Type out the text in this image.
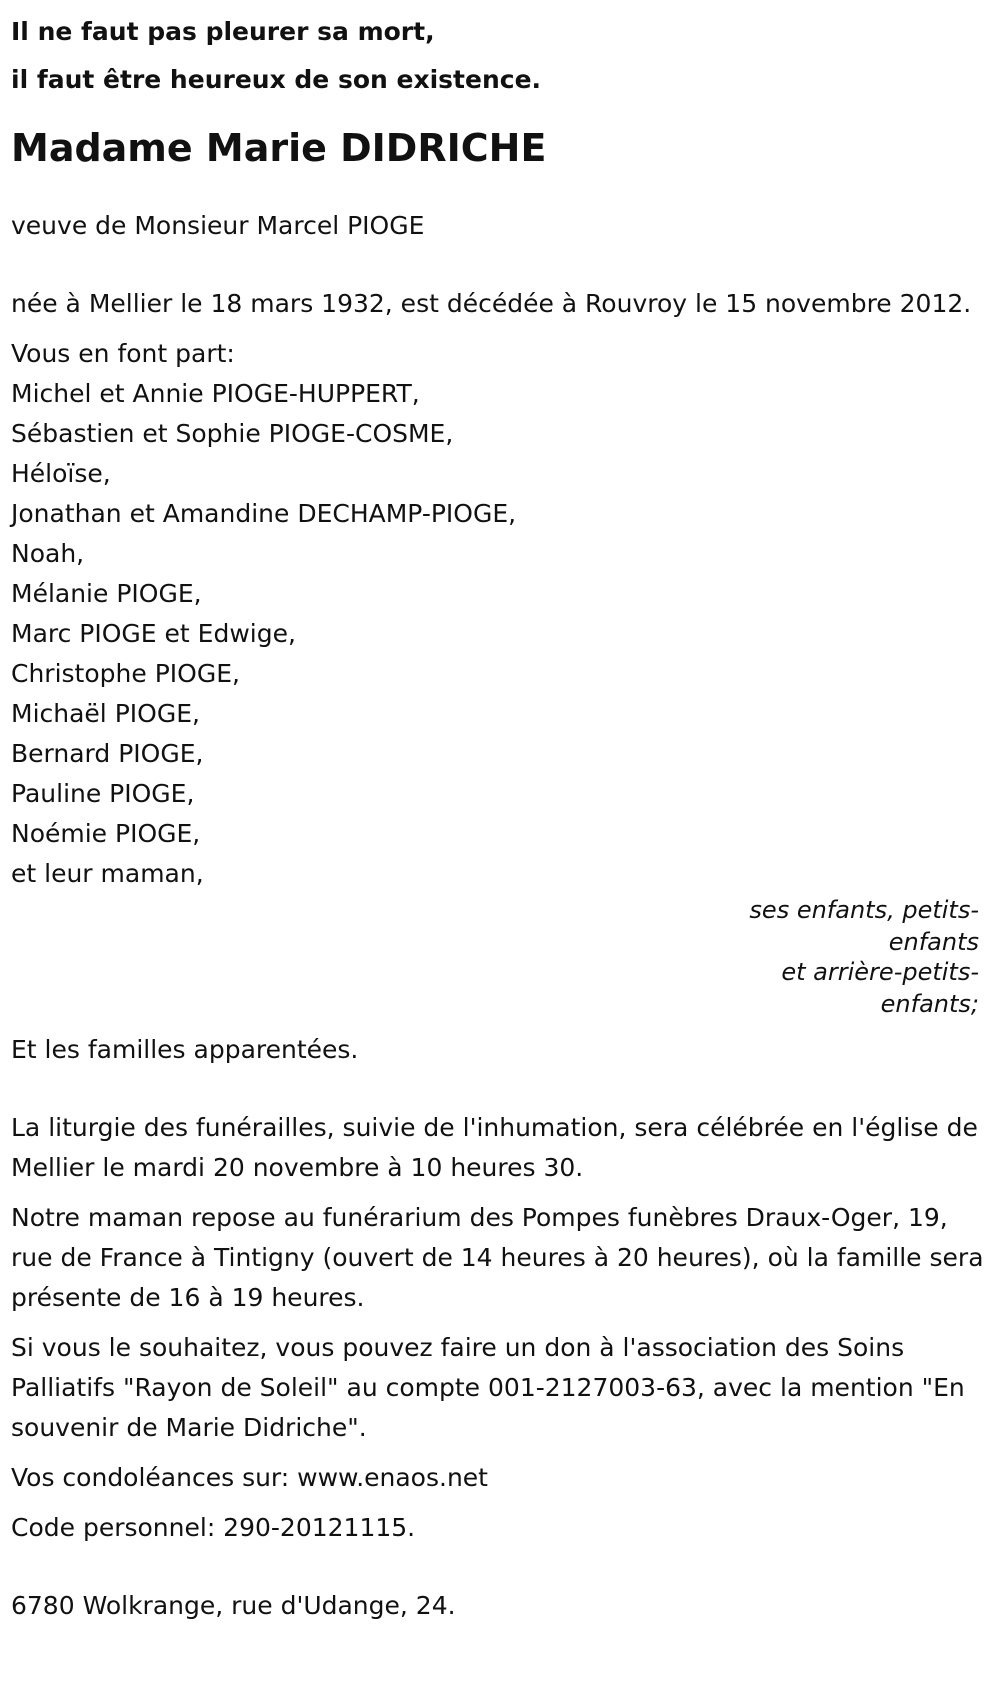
Il ne faut pas pleurer sa mort,
il faut être heureux de son existence.
Madame Marie DIDRICHE

veuve de Monsieur Marcel PIOGE

née à Mellier le 18 mars 1932, est décédée à Rouvroy le 15 novembre 2012.

Vous en font part:
Michel et Annie PIOGE-HUPPERT,
Sébastien et Sophie PIOGE-COSME,
Héloïse,
Jonathan et Amandine DECHAMP-PIOGE,
Noah,
Mélanie PIOGE,
Marc PIOGE et Edwige,
Christophe PIOGE,
Michaël PIOGE,
Bernard PIOGE,
Pauline PIOGE,
Noémie PIOGE,
et leur maman,
ses enfants, petits-enfants
et arrière-petits-enfants;

Et les familles apparentées.

La liturgie des funérailles, suivie de l'inhumation, sera célébrée en l'église de Mellier le mardi 20 novembre à 10 heures 30.

Notre maman repose au funérarium des Pompes funèbres Draux-Oger, 19, rue de France à Tintigny (ouvert de 14 heures à 20 heures), où la famille sera présente de 16 à 19 heures.

Si vous le souhaitez, vous pouvez faire un don à l'association des Soins Palliatifs "Rayon de Soleil" au compte 001-2127003-63, avec la mention "En souvenir de Marie Didriche".

Vos condoléances sur: www.enaos.net

Code personnel: 290-20121115.

6780 Wolkrange, rue d'Udange, 24.
